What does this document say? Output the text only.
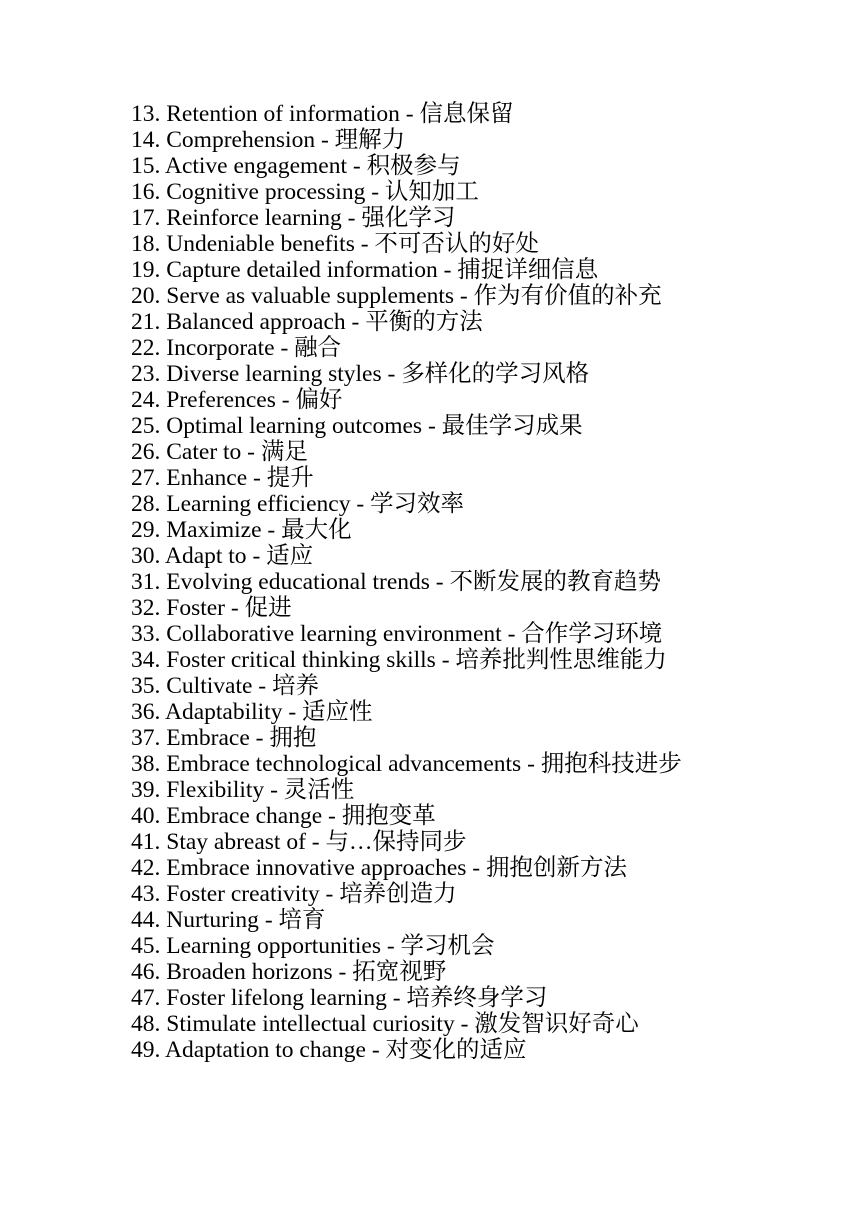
13. Retention of information - 信息保留
14. Comprehension - 理解力
15. Active engagement - 积极参与
16. Cognitive processing - 认知加工
17. Reinforce learning - 强化学习
18. Undeniable benefits - 不可否认的好处
19. Capture detailed information - 捕捉详细信息
20. Serve as valuable supplements - 作为有价值的补充
21. Balanced approach - 平衡的方法
22. Incorporate - 融合
23. Diverse learning styles - 多样化的学习风格
24. Preferences - 偏好
25. Optimal learning outcomes - 最佳学习成果
26. Cater to - 满足
27. Enhance - 提升
28. Learning efficiency - 学习效率
29. Maximize - 最大化
30. Adapt to - 适应
31. Evolving educational trends - 不断发展的教育趋势
32. Foster - 促进
33. Collaborative learning environment - 合作学习环境
34. Foster critical thinking skills - 培养批判性思维能力
35. Cultivate - 培养
36. Adaptability - 适应性
37. Embrace - 拥抱
38. Embrace technological advancements - 拥抱科技进步
39. Flexibility - 灵活性
40. Embrace change - 拥抱变革
41. Stay abreast of - 与…保持同步
42. Embrace innovative approaches - 拥抱创新方法
43. Foster creativity - 培养创造力
44. Nurturing - 培育
45. Learning opportunities - 学习机会
46. Broaden horizons - 拓宽视野
47. Foster lifelong learning - 培养终身学习
48. Stimulate intellectual curiosity - 激发智识好奇心
49. Adaptation to change - 对变化的适应
